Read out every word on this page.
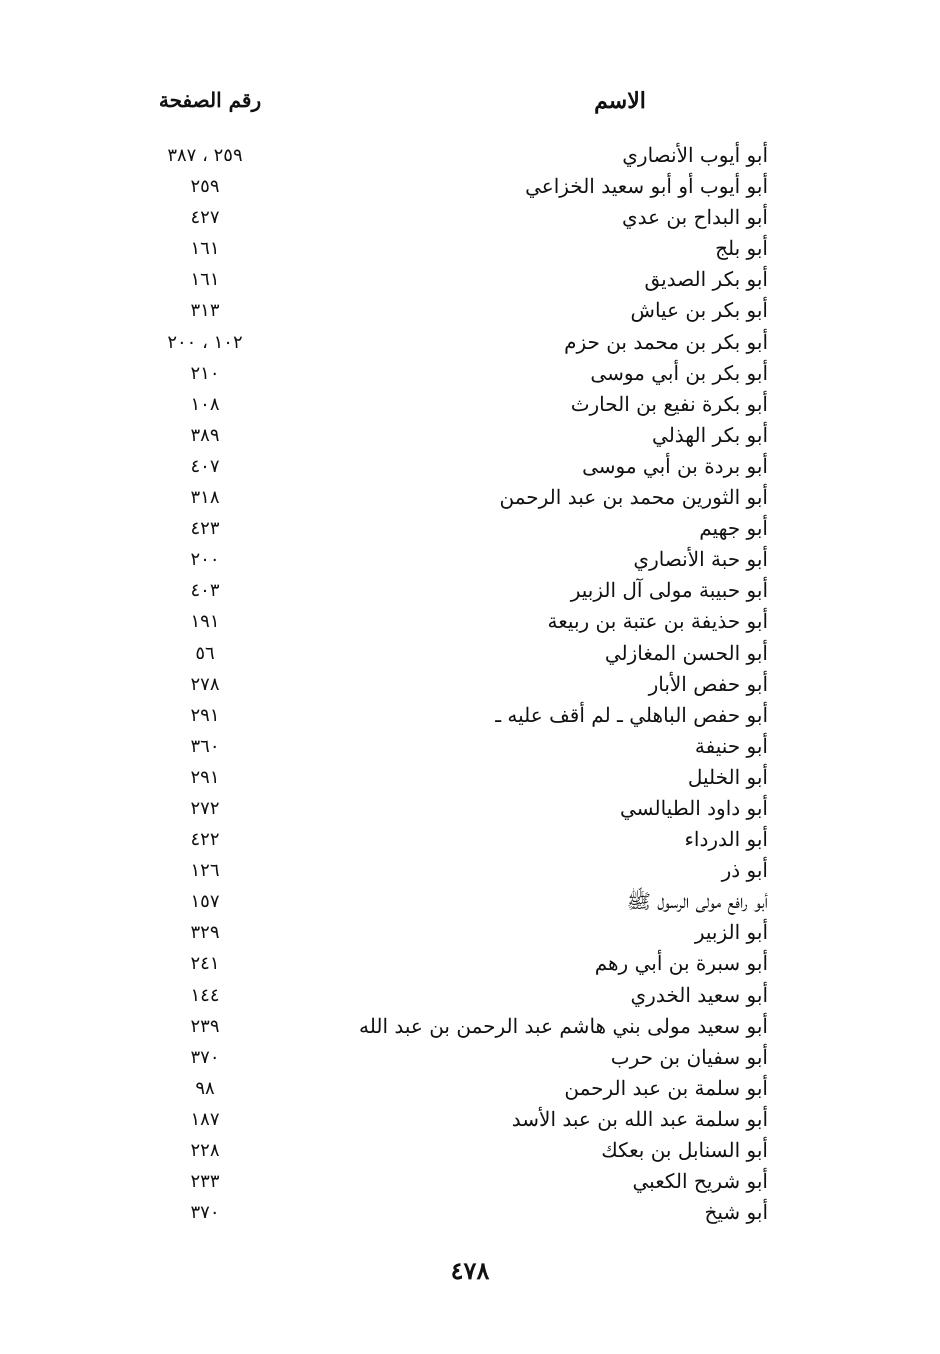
الاسم
رقم الصفحة
أبو أيوب الأنصاري
٢٥٩ ، ٣٨٧
أبو أيوب أو أبو سعيد الخزاعي
٢٥٩
أبو البداح بن عدي
٤٢٧
أبو بلج
١٦١
أبو بكر الصديق
١٦١
أبو بكر بن عياش
٣١٣
أبو بكر بن محمد بن حزم
١٠٢ ، ٢٠٠
أبو بكر بن أبي موسى
٢١٠
أبو بكرة نفيع بن الحارث
١٠٨
أبو بكر الهذلي
٣٨٩
أبو بردة بن أبي موسى
٤٠٧
أبو الثورين محمد بن عبد الرحمن
٣١٨
أبو جهيم
٤٢٣
أبو حبة الأنصاري
٢٠٠
أبو حبيبة مولى آل الزبير
٤٠٣
أبو حذيفة بن عتبة بن ربيعة
١٩١
أبو الحسن المغازلي
٥٦
أبو حفص الأبار
٢٧٨
أبو حفص الباهلي ـ لم أقف عليه ـ
٢٩١
أبو حنيفة
٣٦٠
أبو الخليل
٢٩١
أبو داود الطيالسي
٢٧٢
أبو الدرداء
٤٢٢
أبو ذر
١٢٦
أبو رافع مولى الرسول ﷺ
١٥٧
أبو الزبير
٣٢٩
أبو سبرة بن أبي رهم
٢٤١
أبو سعيد الخدري
١٤٤
أبو سعيد مولى بني هاشم عبد الرحمن بن عبد الله
٢٣٩
أبو سفيان بن حرب
٣٧٠
أبو سلمة بن عبد الرحمن
٩٨
أبو سلمة عبد الله بن عبد الأسد
١٨٧
أبو السنابل بن بعكك
٢٢٨
أبو شريح الكعبي
٢٣٣
أبو شيخ
٣٧٠
٤٧٨
